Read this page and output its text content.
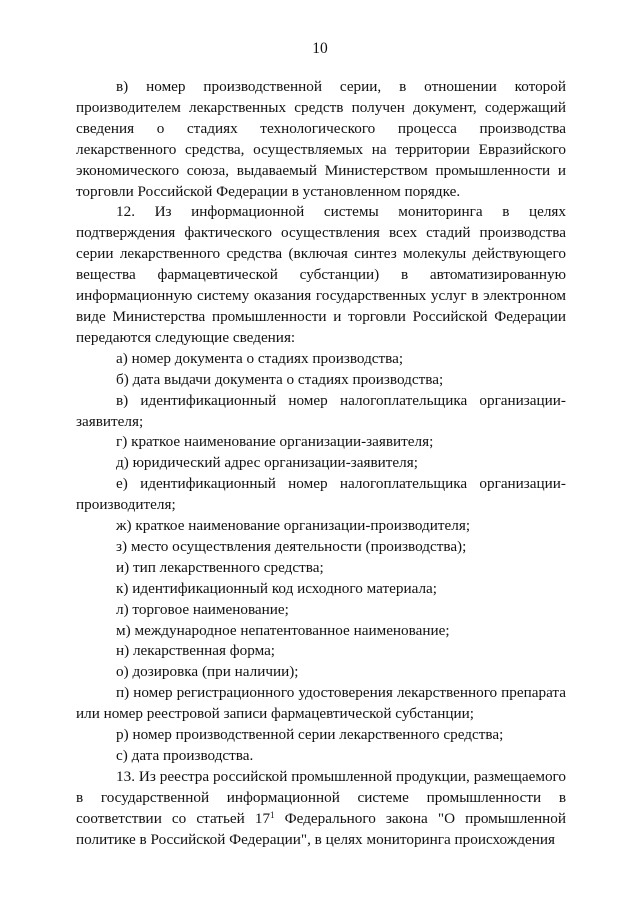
10

в) номер производственной серии, в отношении которой производителем лекарственных средств получен документ, содержащий сведения о стадиях технологического процесса производства лекарственного средства, осуществляемых на территории Евразийского экономического союза, выдаваемый Министерством промышленности и торговли Российской Федерации в установленном порядке.

12. Из информационной системы мониторинга в целях подтверждения фактического осуществления всех стадий производства серии лекарственного средства (включая синтез молекулы действующего вещества фармацевтической субстанции) в автоматизированную информационную систему оказания государственных услуг в электронном виде Министерства промышленности и торговли Российской Федерации передаются следующие сведения:

а) номер документа о стадиях производства;

б) дата выдачи документа о стадиях производства;

в) идентификационный номер налогоплательщика организации-заявителя;

г) краткое наименование организации-заявителя;

д) юридический адрес организации-заявителя;

е) идентификационный номер налогоплательщика организации-производителя;

ж) краткое наименование организации-производителя;

з) место осуществления деятельности (производства);

и) тип лекарственного средства;

к) идентификационный код исходного материала;

л) торговое наименование;

м) международное непатентованное наименование;

н) лекарственная форма;

о) дозировка (при наличии);

п) номер регистрационного удостоверения лекарственного препарата или номер реестровой записи фармацевтической субстанции;

р) номер производственной серии лекарственного средства;

с) дата производства.

13. Из реестра российской промышленной продукции, размещаемого в государственной информационной системе промышленности в соответствии со статьей $17^1$ Федерального закона "О промышленной политике в Российской Федерации", в целях мониторинга происхождения
